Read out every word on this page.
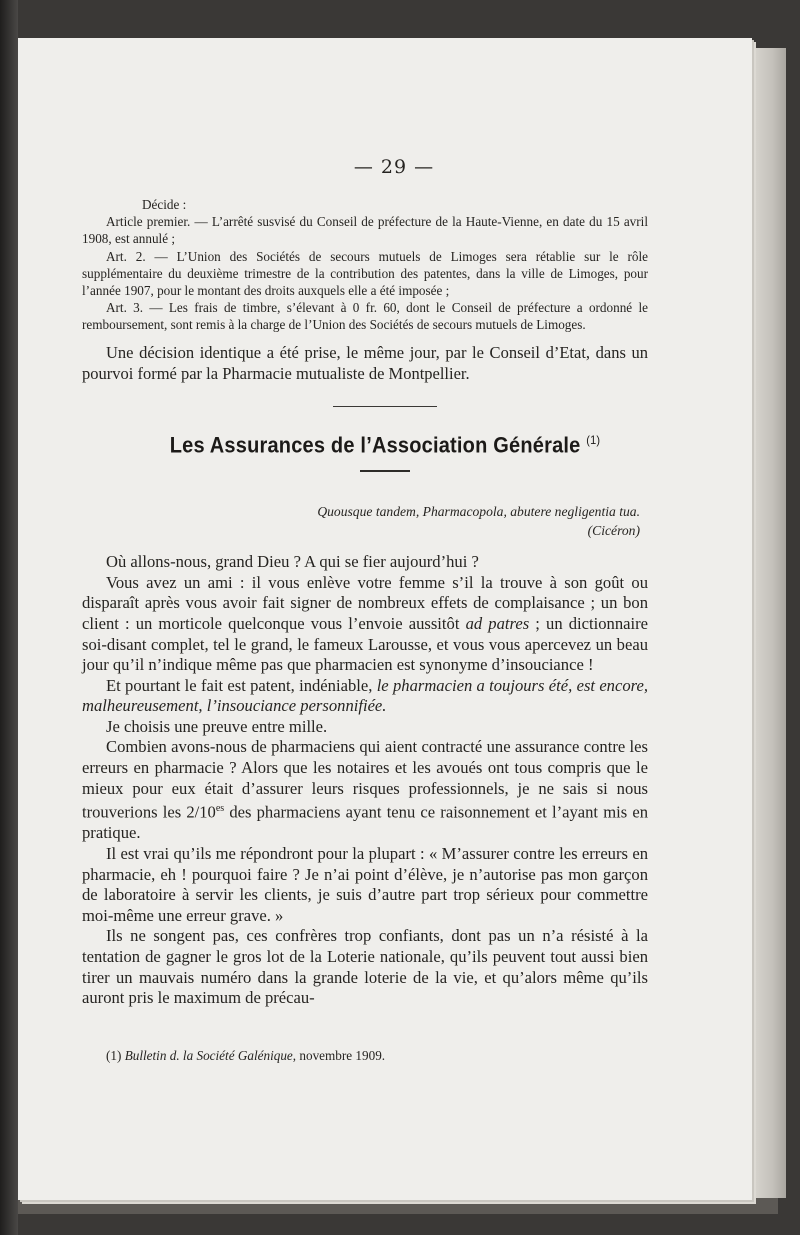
— 29 —

Décide :

Article premier. — L’arrêté susvisé du Conseil de préfecture de la Haute-Vienne, en date du 15 avril 1908, est annulé ;

Art. 2. — L’Union des Sociétés de secours mutuels de Limoges sera rétablie sur le rôle supplémentaire du deuxième trimestre de la contribution des patentes, dans la ville de Limoges, pour l’année 1907, pour le montant des droits auxquels elle a été imposée ;

Art. 3. — Les frais de timbre, s’élevant à 0 fr. 60, dont le Conseil de préfecture a ordonné le remboursement, sont remis à la charge de l’Union des Sociétés de secours mutuels de Limoges.

Une décision identique a été prise, le même jour, par le Conseil d’Etat, dans un pourvoi formé par la Pharmacie mutualiste de Montpellier.

Les Assurances de l’Association Générale $^{(1)}$
Quousque tandem, Pharmacopola, abutere negligentia tua.
(Cicéron)

Où allons-nous, grand Dieu ? A qui se fier aujourd’hui ?

Vous avez un ami : il vous enlève votre femme s’il la trouve à son goût ou disparaît après vous avoir fait signer de nombreux effets de complaisance ; un bon client : un morticole quelconque vous l’envoie aussitôt ad patres ; un dictionnaire soi-disant complet, tel le grand, le fameux Larousse, et vous vous apercevez un beau jour qu’il n’indique même pas que pharmacien est synonyme d’insouciance !

Et pourtant le fait est patent, indéniable, le pharmacien a toujours été, est encore, malheureusement, l’insouciance personnifiée.

Je choisis une preuve entre mille.

Combien avons-nous de pharmaciens qui aient contracté une assurance contre les erreurs en pharmacie ? Alors que les notaires et les avoués ont tous compris que le mieux pour eux était d’assurer leurs risques professionnels, je ne sais si nous trouverions les $2/10^{es}$ des pharmaciens ayant tenu ce raisonnement et l’ayant mis en pratique.

Il est vrai qu’ils me répondront pour la plupart : « M’assurer contre les erreurs en pharmacie, eh ! pourquoi faire ? Je n’ai point d’élève, je n’autorise pas mon garçon de laboratoire à servir les clients, je suis d’autre part trop sérieux pour commettre moi-même une erreur grave. »

Ils ne songent pas, ces confrères trop confiants, dont pas un n’a résisté à la tentation de gagner le gros lot de la Loterie nationale, qu’ils peuvent tout aussi bien tirer un mauvais numéro dans la grande loterie de la vie, et qu’alors même qu’ils auront pris le maximum de précau-

(1) Bulletin d. la Société Galénique, novembre 1909.
